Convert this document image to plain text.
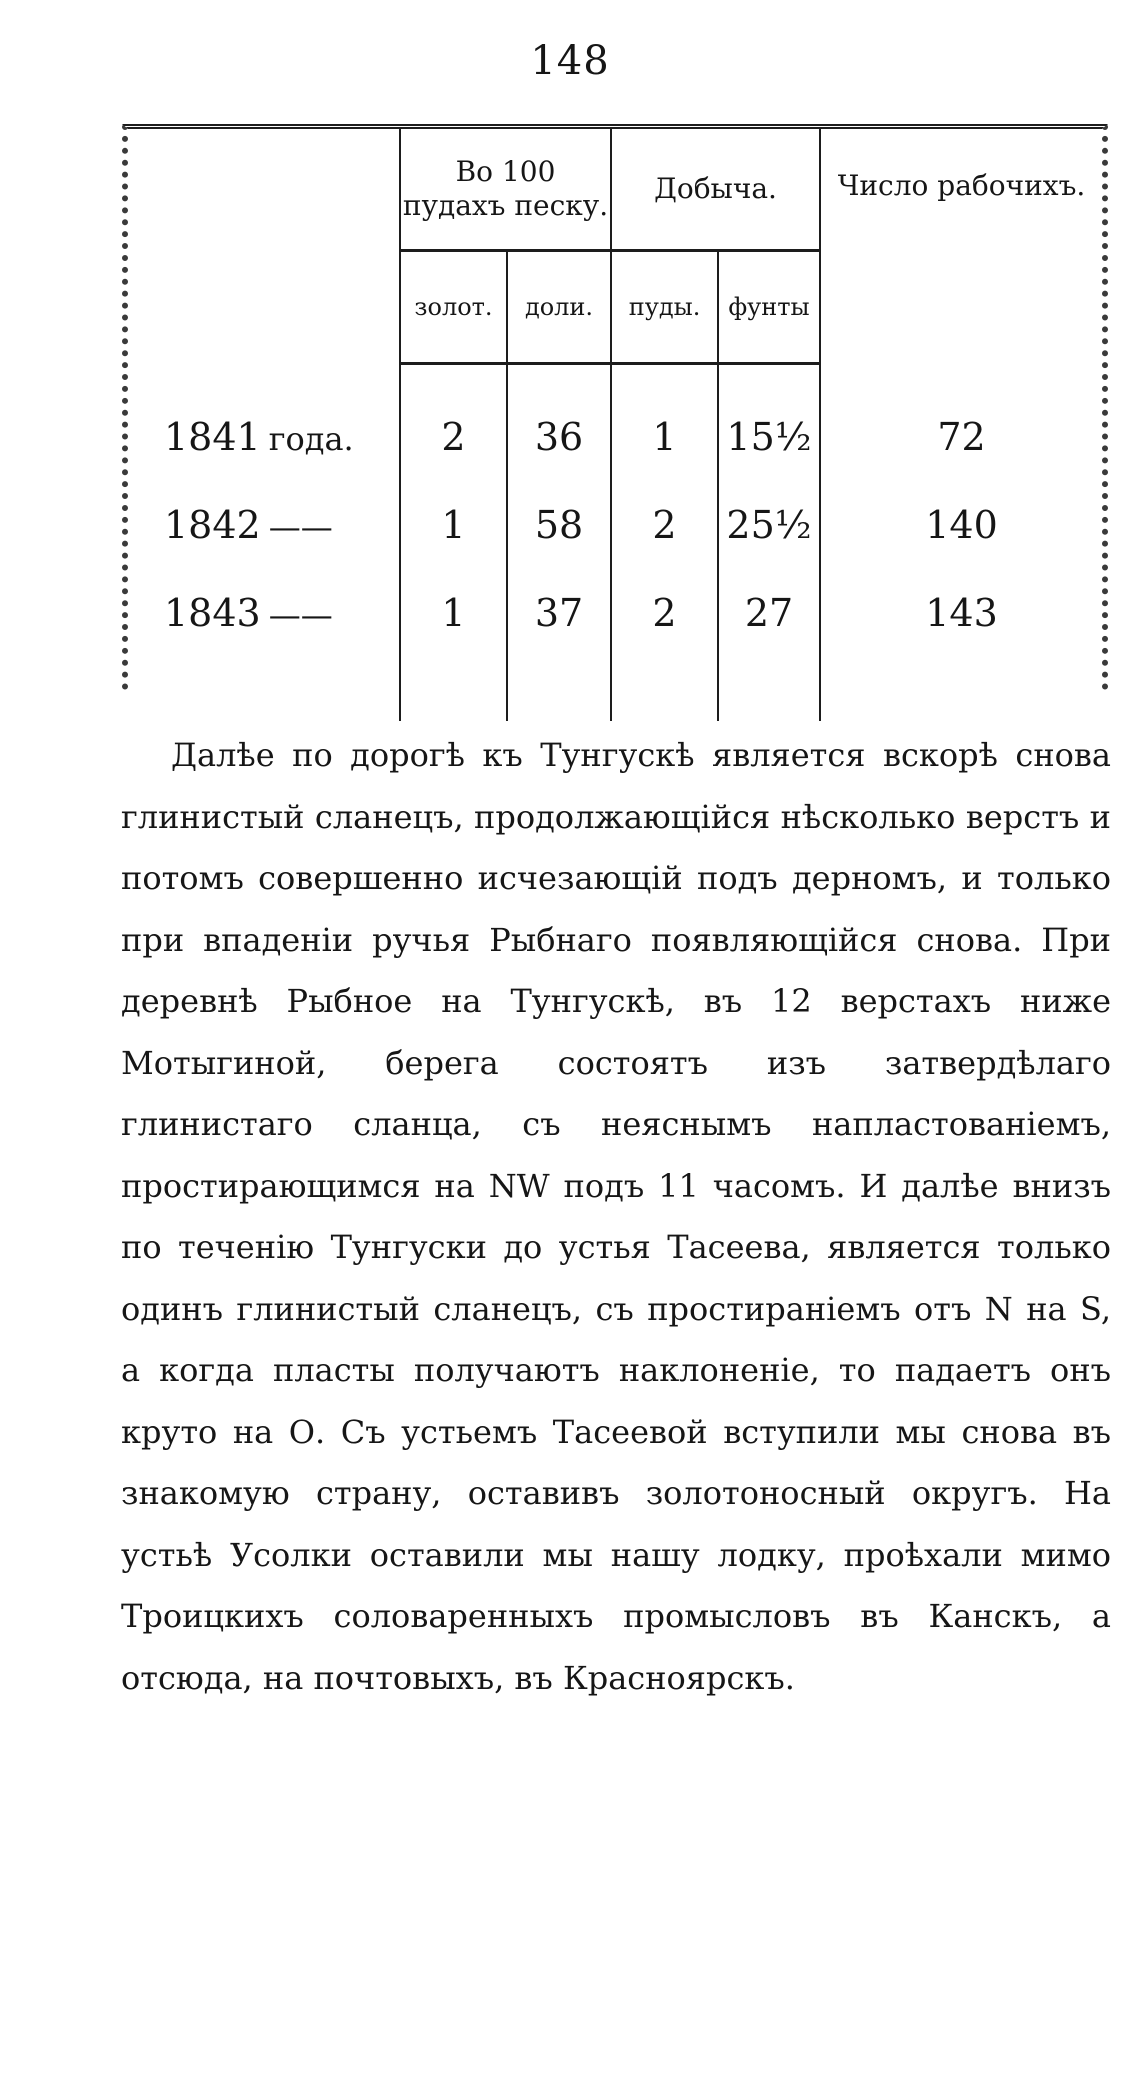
148
	Во 100 пудахъ песку.		Добыча.		Число рабочихъ.
	золот.	доли.	пуды.	фунты	

1841 года.	2	36	1	15½	72
1842 ——	1	58	2	25½	140
1843 ——	1	37	2	27	143

Далѣе по дорогѣ къ Тунгускѣ является вскорѣ снова глинистый сланецъ, продолжающійся нѣсколько верстъ и потомъ совершенно исчезающій подъ дерномъ, и только при впаденіи ручья Рыбнаго появляющійся снова. При деревнѣ Рыбное на Тунгускѣ, въ 12 верстахъ ниже Мотыгиной, берега состоятъ изъ затвердѣлаго глинистаго сланца, съ неяснымъ напластованіемъ, простирающимся на NW подъ 11 часомъ. И далѣе внизъ по теченію Тунгуски до устья Тасеева, является только одинъ глинистый сланецъ, съ простираніемъ отъ N на S, а когда пласты получаютъ наклоненіе, то падаетъ онъ круто на О. Съ устьемъ Тасеевой вступили мы снова въ знакомую страну, оставивъ золотоносный округъ. На устьѣ Усолки оставили мы нашу лодку, проѣхали мимо Троицкихъ соловаренныхъ промысловъ въ Канскъ, а отсюда, на почтовыхъ, въ Красноярскъ.
